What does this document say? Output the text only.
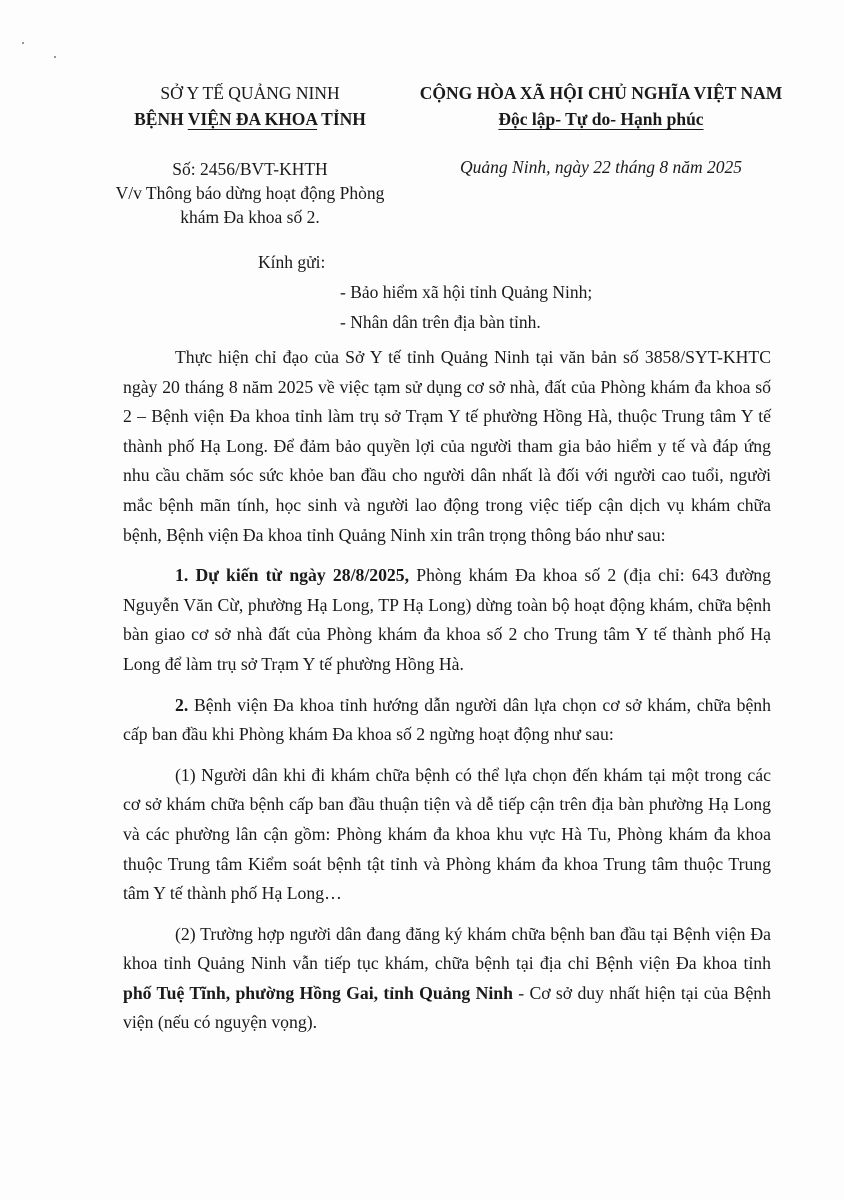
SỞ Y TẾ QUẢNG NINH
BỆNH VIỆN ĐA KHOA TỈNH
CỘNG HÒA XÃ HỘI CHỦ NGHĨA VIỆT NAM
Độc lập- Tự do- Hạnh phúc
Số: 2456/BVT-KHTH
V/v Thông báo dừng hoạt động Phòng
khám Đa khoa số 2.
Quảng Ninh, ngày 22 tháng 8 năm 2025
Kính gửi:
- Bảo hiểm xã hội tỉnh Quảng Ninh;
- Nhân dân trên địa bàn tỉnh.

Thực hiện chỉ đạo của Sở Y tế tỉnh Quảng Ninh tại văn bản số 3858/SYT-KHTC ngày 20 tháng 8 năm 2025 về việc tạm sử dụng cơ sở nhà, đất của Phòng khám đa khoa số 2 – Bệnh viện Đa khoa tỉnh làm trụ sở Trạm Y tế phường Hồng Hà, thuộc Trung tâm Y tế thành phố Hạ Long. Để đảm bảo quyền lợi của người tham gia bảo hiểm y tế và đáp ứng nhu cầu chăm sóc sức khỏe ban đầu cho người dân nhất là đối với người cao tuổi, người mắc bệnh mãn tính, học sinh và người lao động trong việc tiếp cận dịch vụ khám chữa bệnh, Bệnh viện Đa khoa tỉnh Quảng Ninh xin trân trọng thông báo như sau:

1. Dự kiến từ ngày 28/8/2025, Phòng khám Đa khoa số 2 (địa chỉ: 643 đường Nguyễn Văn Cừ, phường Hạ Long, TP Hạ Long) dừng toàn bộ hoạt động khám, chữa bệnh bàn giao cơ sở nhà đất của Phòng khám đa khoa số 2 cho Trung tâm Y tế thành phố Hạ Long để làm trụ sở Trạm Y tế phường Hồng Hà.

2. Bệnh viện Đa khoa tỉnh hướng dẫn người dân lựa chọn cơ sở khám, chữa bệnh cấp ban đầu khi Phòng khám Đa khoa số 2 ngừng hoạt động như sau:

(1) Người dân khi đi khám chữa bệnh có thể lựa chọn đến khám tại một trong các cơ sở khám chữa bệnh cấp ban đầu thuận tiện và dễ tiếp cận trên địa bàn phường Hạ Long và các phường lân cận gồm: Phòng khám đa khoa khu vực Hà Tu, Phòng khám đa khoa thuộc Trung tâm Kiểm soát bệnh tật tỉnh và Phòng khám đa khoa Trung tâm thuộc Trung tâm Y tế thành phố Hạ Long…

(2) Trường hợp người dân đang đăng ký khám chữa bệnh ban đầu tại Bệnh viện Đa khoa tỉnh Quảng Ninh vẫn tiếp tục khám, chữa bệnh tại địa chỉ Bệnh viện Đa khoa tỉnh phố Tuệ Tĩnh, phường Hồng Gai, tỉnh Quảng Ninh - Cơ sở duy nhất hiện tại của Bệnh viện (nếu có nguyện vọng).
